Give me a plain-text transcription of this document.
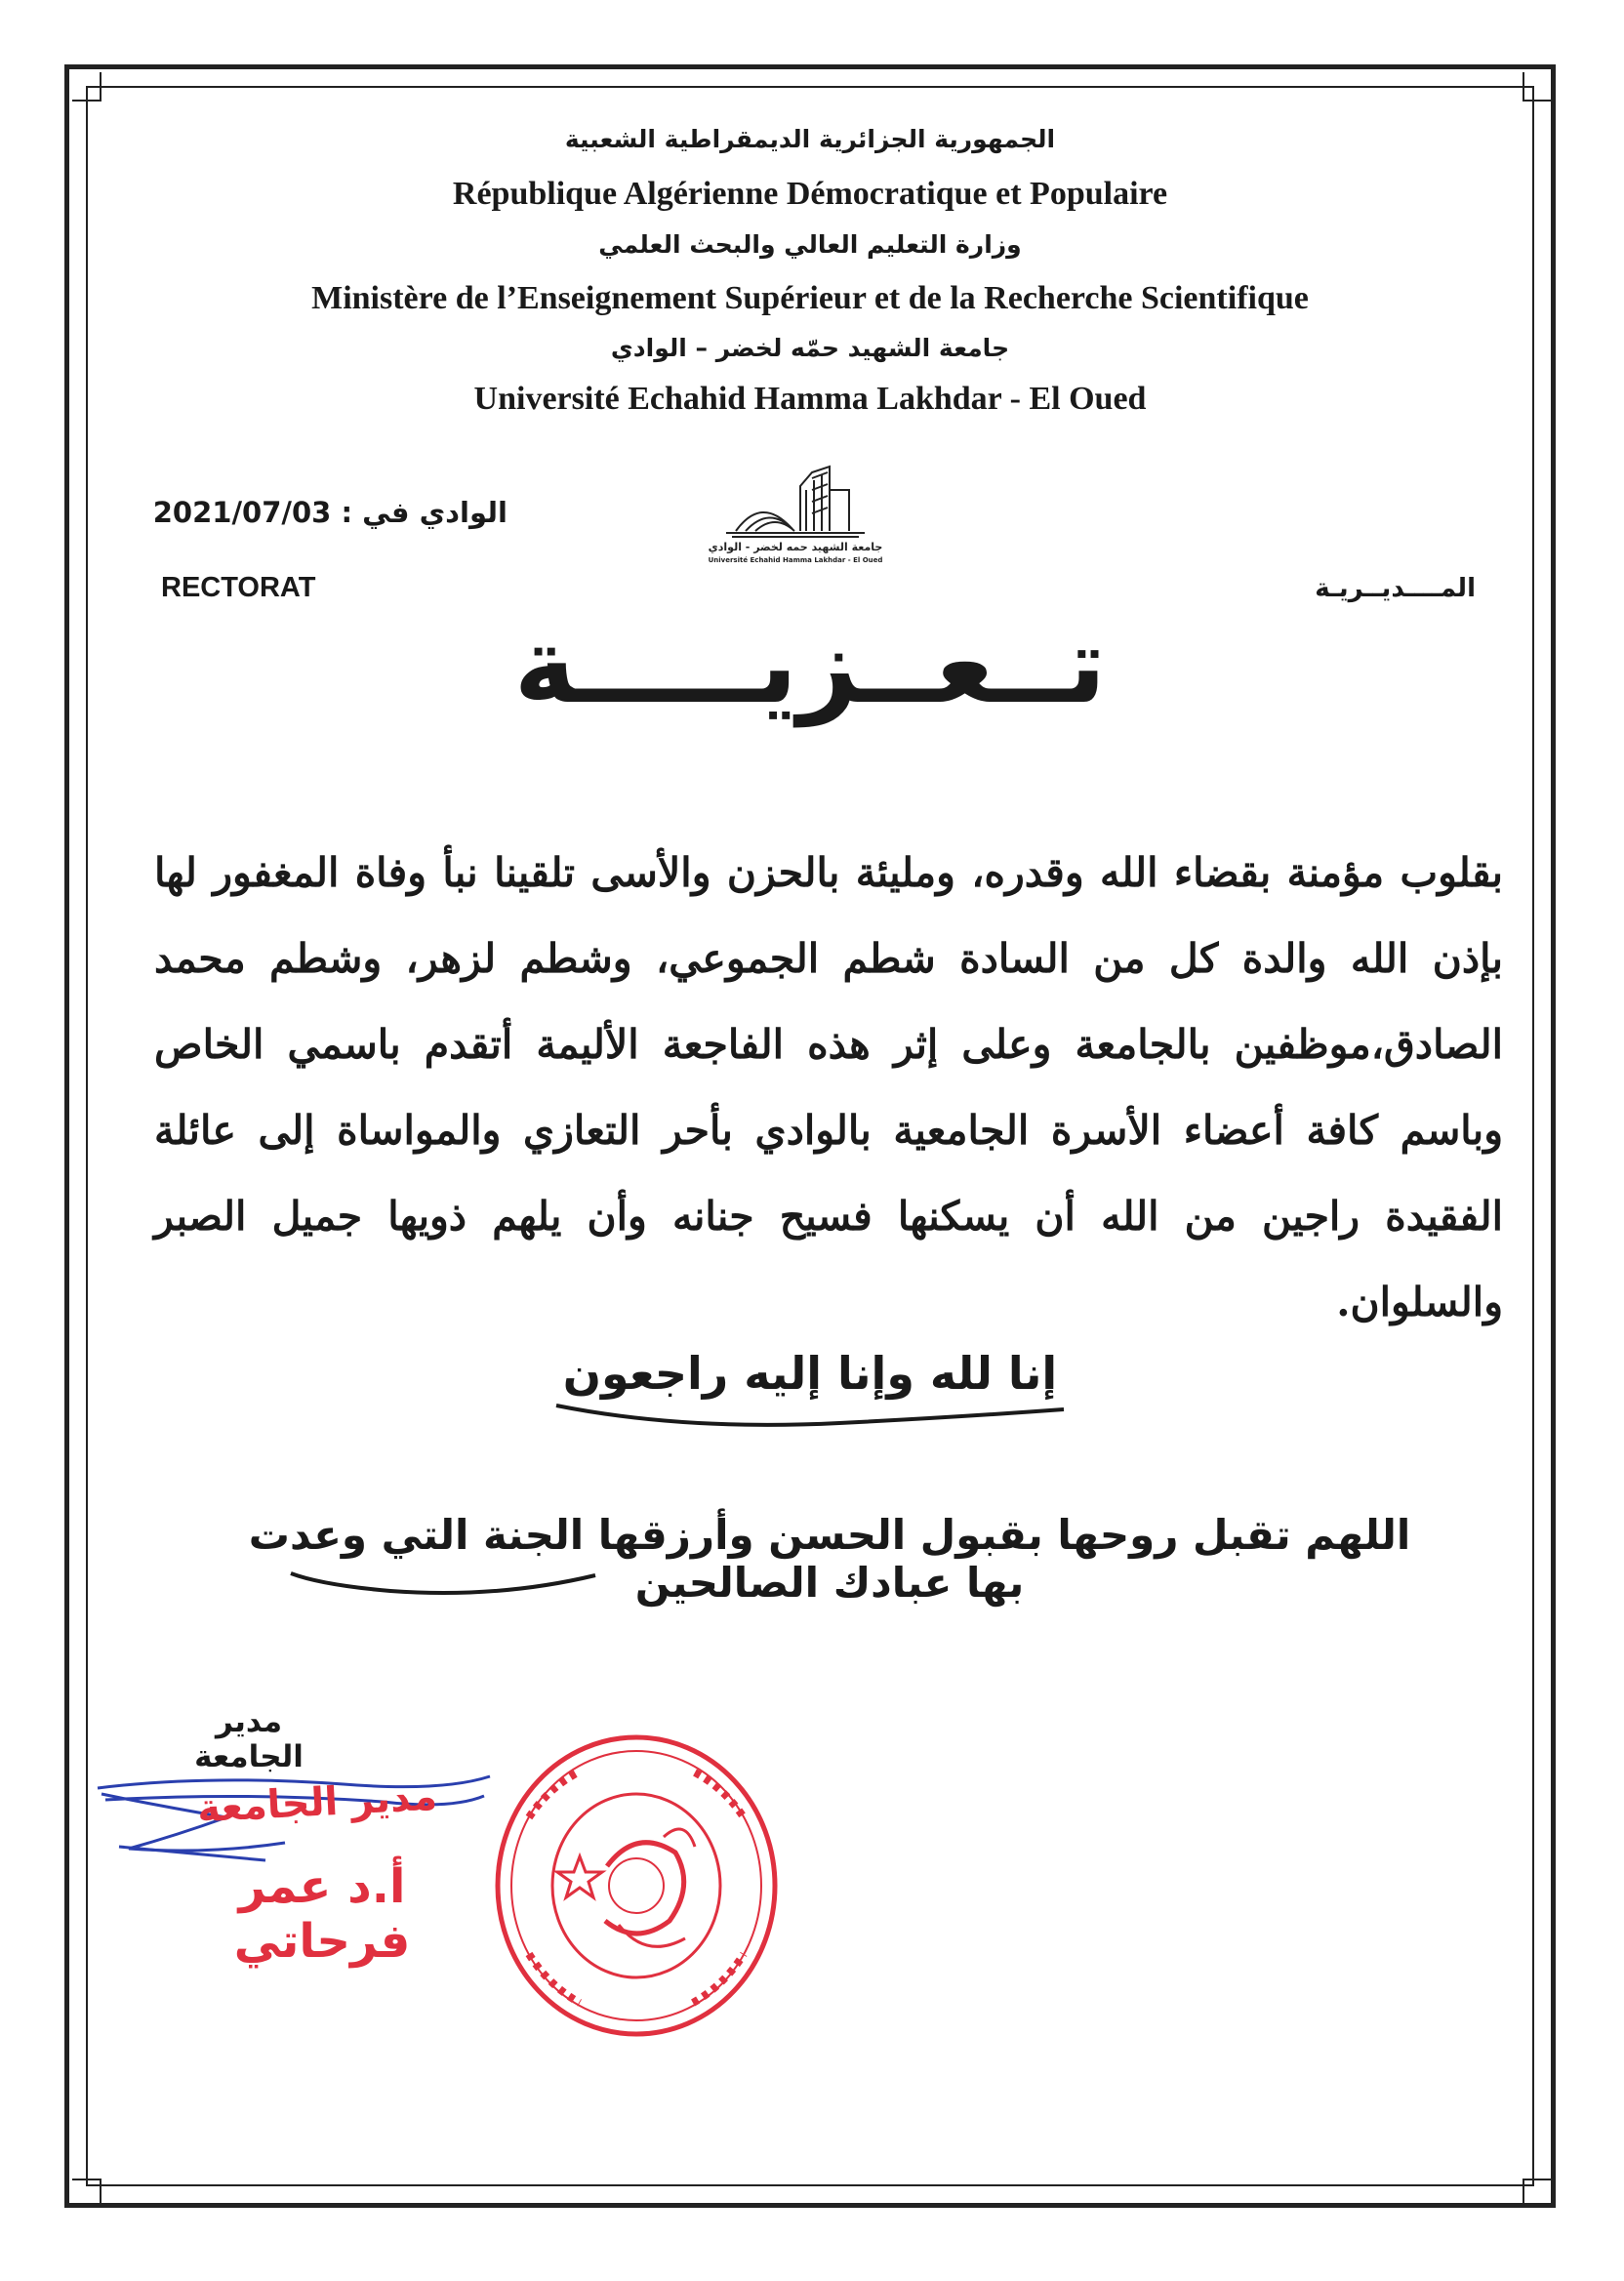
الجمهورية الجزائرية الديمقراطية الشعبية
République Algérienne Démocratique et Populaire
وزارة التعليم العالي والبحث العلمي
Ministère de l’Enseignement Supérieur et de la Recherche Scientifique
جامعة الشهيد حمّه لخضر – الوادي
Université Echahid Hamma Lakhdar - El Oued
جامعة الشهيد حمه لخضر - الوادي
Université Echahid Hamma Lakhdar - El Oued
الوادي في : 2021/07/03
RECTORAT	المــــديــريـة
تــعــزيـــــة
بقلوب مؤمنة بقضاء الله وقدره، ومليئة بالحزن والأسى تلقينا نبأ وفاة المغفور لها بإذن الله والدة كل من السادة شطم الجموعي، وشطم لزهر، وشطم محمد الصادق،موظفين بالجامعة وعلى إثر هذه الفاجعة الأليمة أتقدم باسمي الخاص وباسم كافة أعضاء الأسرة الجامعية بالوادي بأحر التعازي والمواساة إلى عائلة الفقيدة راجين من الله أن يسكنها فسيح جنانه وأن يلهم ذويها جميل الصبر والسلوان.
إنا لله وإنا إليه راجعون
اللهم تقبل روحها بقبول الحسن وأرزقها الجنة التي وعدت بها عبادك الصالحين
مدير الجامعة
مدير الجامعة
أ.د عمر فرحاتي
